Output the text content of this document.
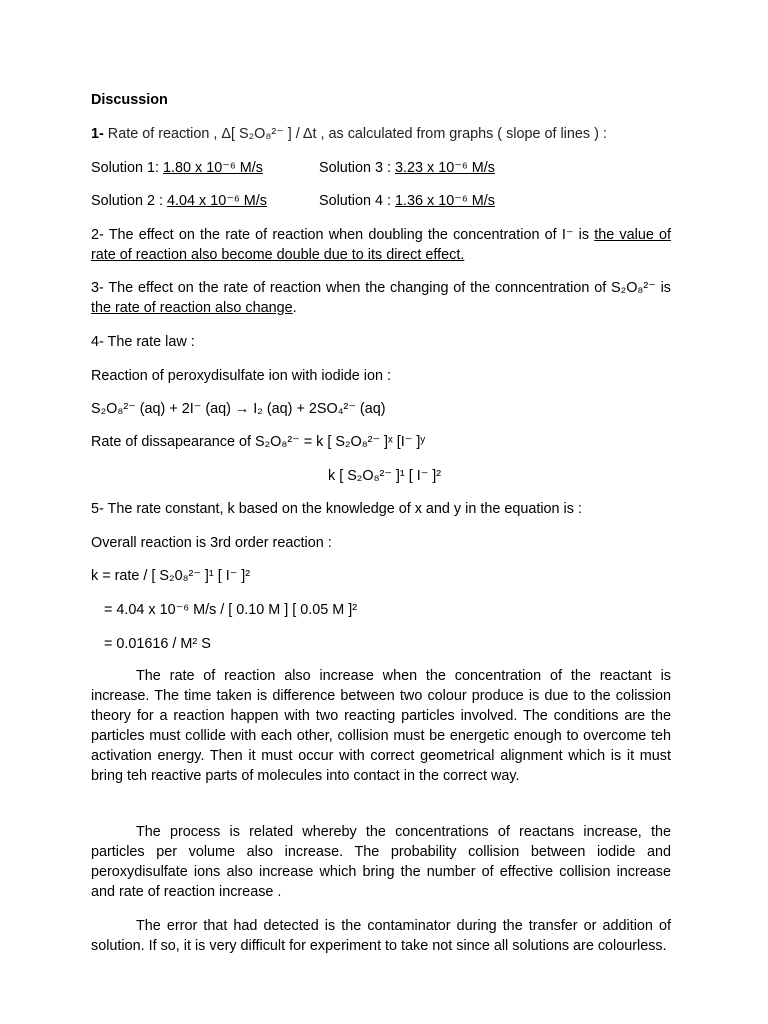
Discussion
1- Rate of reaction , Δ[ S₂O₈²⁻ ] / Δt , as calculated from graphs ( slope of lines ) :
Solution 1: 1.80 x 10⁻⁶ M/s	Solution 3 : 3.23 x 10⁻⁶ M/s
Solution 2 : 4.04 x 10⁻⁶ M/s	Solution 4 : 1.36 x 10⁻⁶ M/s
2- The effect on the rate of reaction when doubling the concentration of I⁻ is the value of rate of reaction also become double due to its direct effect.
3- The effect on the rate of reaction when the changing of the conncentration of S₂O₈²⁻ is the rate of reaction also change.
4- The rate law :
Reaction of peroxydisulfate ion with iodide ion :
S₂O₈²⁻ (aq) + 2I⁻ (aq) → I₂ (aq) + 2SO₄²⁻ (aq)
Rate of dissapearance of S₂O₈²⁻ = k [ S₂O₈²⁻ ]ˣ [I⁻ ]ʸ
k [ S₂O₈²⁻ ]¹ [ I⁻ ]²
5- The rate constant, k based on the knowledge of x and y in the equation is :
Overall reaction is 3rd order reaction :
k = rate / [ S₂0₈²⁻ ]¹ [ I⁻ ]²
= 4.04 x 10⁻⁶ M/s / [ 0.10 M ] [ 0.05 M ]²
= 0.01616 / M² S

The rate of reaction also increase when the concentration of the reactant is increase. The time taken is difference between two colour produce is due to the colission theory for a reaction happen with two reacting particles involved. The conditions are the particles must collide with each other, collision must be energetic enough to overcome teh activation energy. Then it must occur with correct geometrical alignment which is it must bring teh reactive parts of molecules into contact in the correct way.

The process is related whereby the concentrations of reactans increase, the particles per volume also increase. The probability collision between iodide and peroxydisulfate ions also increase which bring the number of effective collision increase and rate of reaction increase .

The error that had detected is the contaminator during the transfer or addition of solution. If so, it is very difficult for experiment to take not since all solutions are colourless.
